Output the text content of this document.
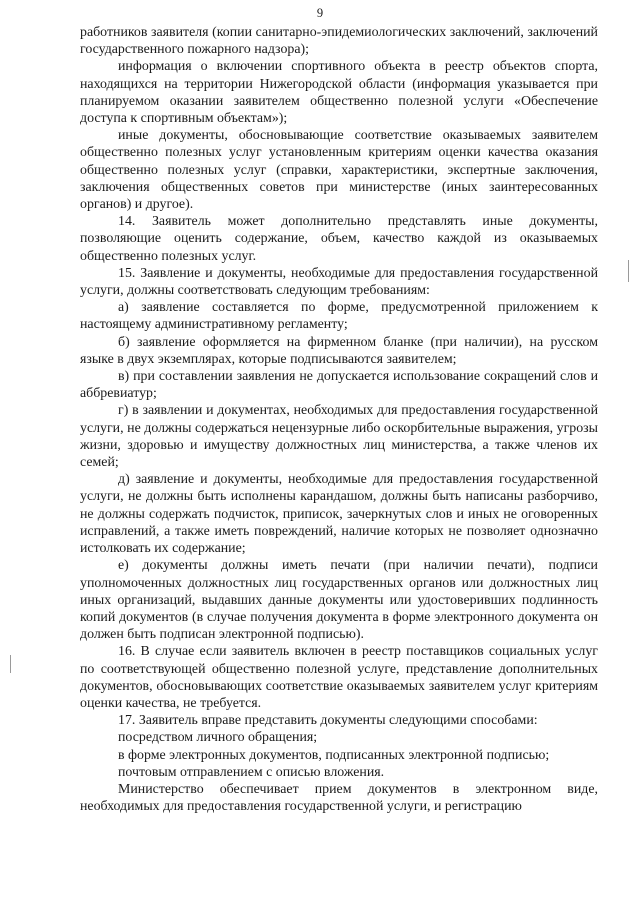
9

работников заявителя (копии санитарно-эпидемиологических заключений, заключений государственного пожарного надзора);

информация о включении спортивного объекта в реестр объектов спорта, находящихся на территории Нижегородской области (информация указывается при планируемом оказании заявителем общественно полезной услуги «Обеспечение доступа к спортивным объектам»);

иные документы, обосновывающие соответствие оказываемых заявителем общественно полезных услуг установленным критериям оценки качества оказания общественно полезных услуг (справки, характеристики, экспертные заключения, заключения общественных советов при министерстве (иных заинтересованных органов) и другое).

14. Заявитель может дополнительно представлять иные документы, позволяющие оценить содержание, объем, качество каждой из оказываемых общественно полезных услуг.

15. Заявление и документы, необходимые для предоставления государственной услуги, должны соответствовать следующим требованиям:

а) заявление составляется по форме, предусмотренной приложением к настоящему административному регламенту;

б) заявление оформляется на фирменном бланке (при наличии), на русском языке в двух экземплярах, которые подписываются заявителем;

в) при составлении заявления не допускается использование сокращений слов и аббревиатур;

г) в заявлении и документах, необходимых для предоставления государственной услуги, не должны содержаться нецензурные либо оскорбительные выражения, угрозы жизни, здоровью и имуществу должностных лиц министерства, а также членов их семей;

д) заявление и документы, необходимые для предоставления государственной услуги, не должны быть исполнены карандашом, должны быть написаны разборчиво, не должны содержать подчисток, приписок, зачеркнутых слов и иных не оговоренных исправлений, а также иметь повреждений, наличие которых не позволяет однозначно истолковать их содержание;

е) документы должны иметь печати (при наличии печати), подписи уполномоченных должностных лиц государственных органов или должностных лиц иных организаций, выдавших данные документы или удостоверивших подлинность копий документов (в случае получения документа в форме электронного документа он должен быть подписан электронной подписью).

16. В случае если заявитель включен в реестр поставщиков социальных услуг по соответствующей общественно полезной услуге, представление дополнительных документов, обосновывающих соответствие оказываемых заявителем услуг критериям оценки качества, не требуется.

17. Заявитель вправе представить документы следующими способами:

посредством личного обращения;

в форме электронных документов, подписанных электронной подписью;

почтовым отправлением с описью вложения.

Министерство обеспечивает прием документов в электронном виде, необходимых для предоставления государственной услуги, и регистрацию
